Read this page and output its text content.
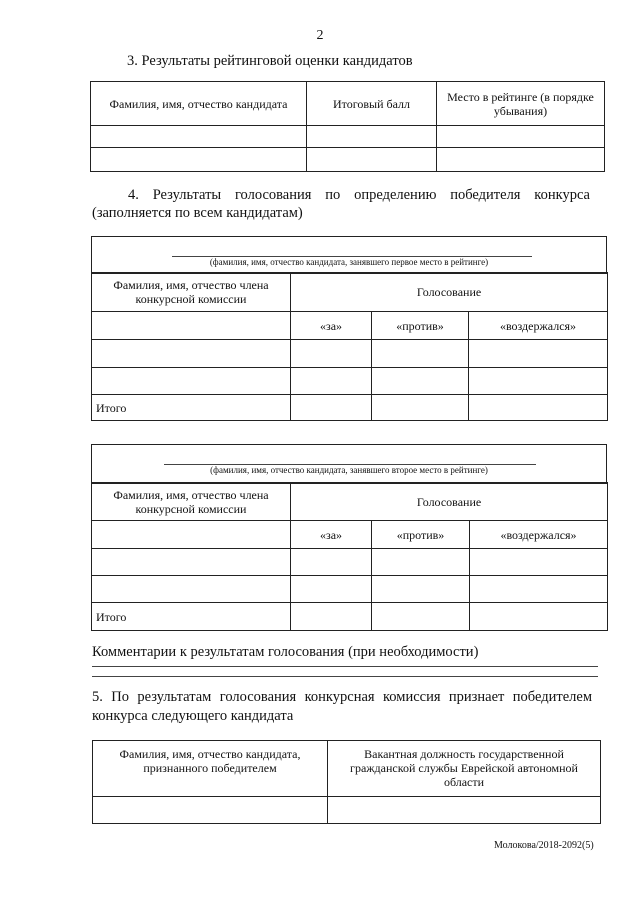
2
3. Результаты рейтинговой оценки кандидатов
Фамилия, имя, отчество кандидата	Итоговый балл	Место в рейтинге (в порядке убывания)

4. Результаты голосования по определению победителя конкурса
(заполняется по всем кандидатам)
(фамилия, имя, отчество кандидата, занявшего первое место в рейтинге)
Фамилия, имя, отчество члена конкурсной комиссии	Голосование		
	«за»	«против»	«воздержался»

Итого			
(фамилия, имя, отчество кандидата, занявшего второе место в рейтинге)
Фамилия, имя, отчество члена конкурсной комиссии	Голосование		
	«за»	«против»	«воздержался»

Итого			
Комментарии к результатам голосования (при необходимости)
5. По результатам голосования конкурсная комиссия признает победителем
конкурса следующего кандидата
Фамилия, имя, отчество кандидата, признанного победителем	Вакантная должность государственной гражданской службы Еврейской автономной области

Молокова/2018-2092(5)
